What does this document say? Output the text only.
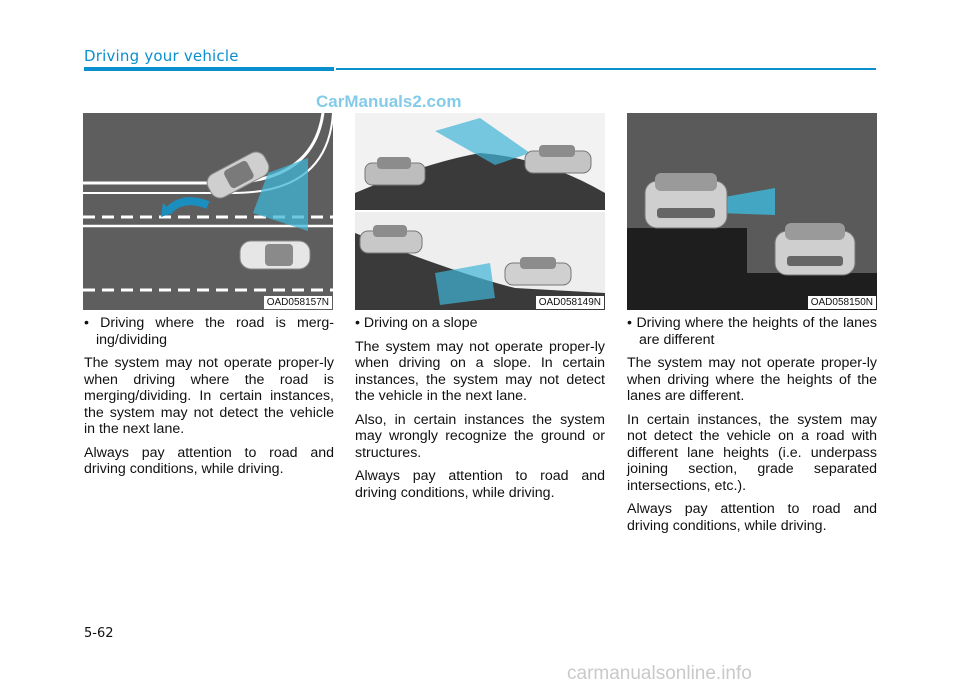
Driving your vehicle
CarManuals2.com
OAD058157N	OAD058149N	OAD058150N
• Driving where the road is merg-ing/dividing

The system may not operate proper-ly when driving where the road is merging/dividing. In certain instances, the system may not detect the vehicle in the next lane.

Always pay attention to road and driving conditions, while driving.

• Driving on a slope

The system may not operate proper-ly when driving on a slope. In certain instances, the system may not detect the vehicle in the next lane.

Also, in certain instances the system may wrongly recognize the ground or structures.

Always pay attention to road and driving conditions, while driving.

• Driving where the heights of the lanes are different

The system may not operate proper-ly when driving where the heights of the lanes are different.

In certain instances, the system may not detect the vehicle on a road with different lane heights (i.e. underpass joining section, grade separated intersections, etc.).

Always pay attention to road and driving conditions, while driving.

5-62
carmanualsonline.info
